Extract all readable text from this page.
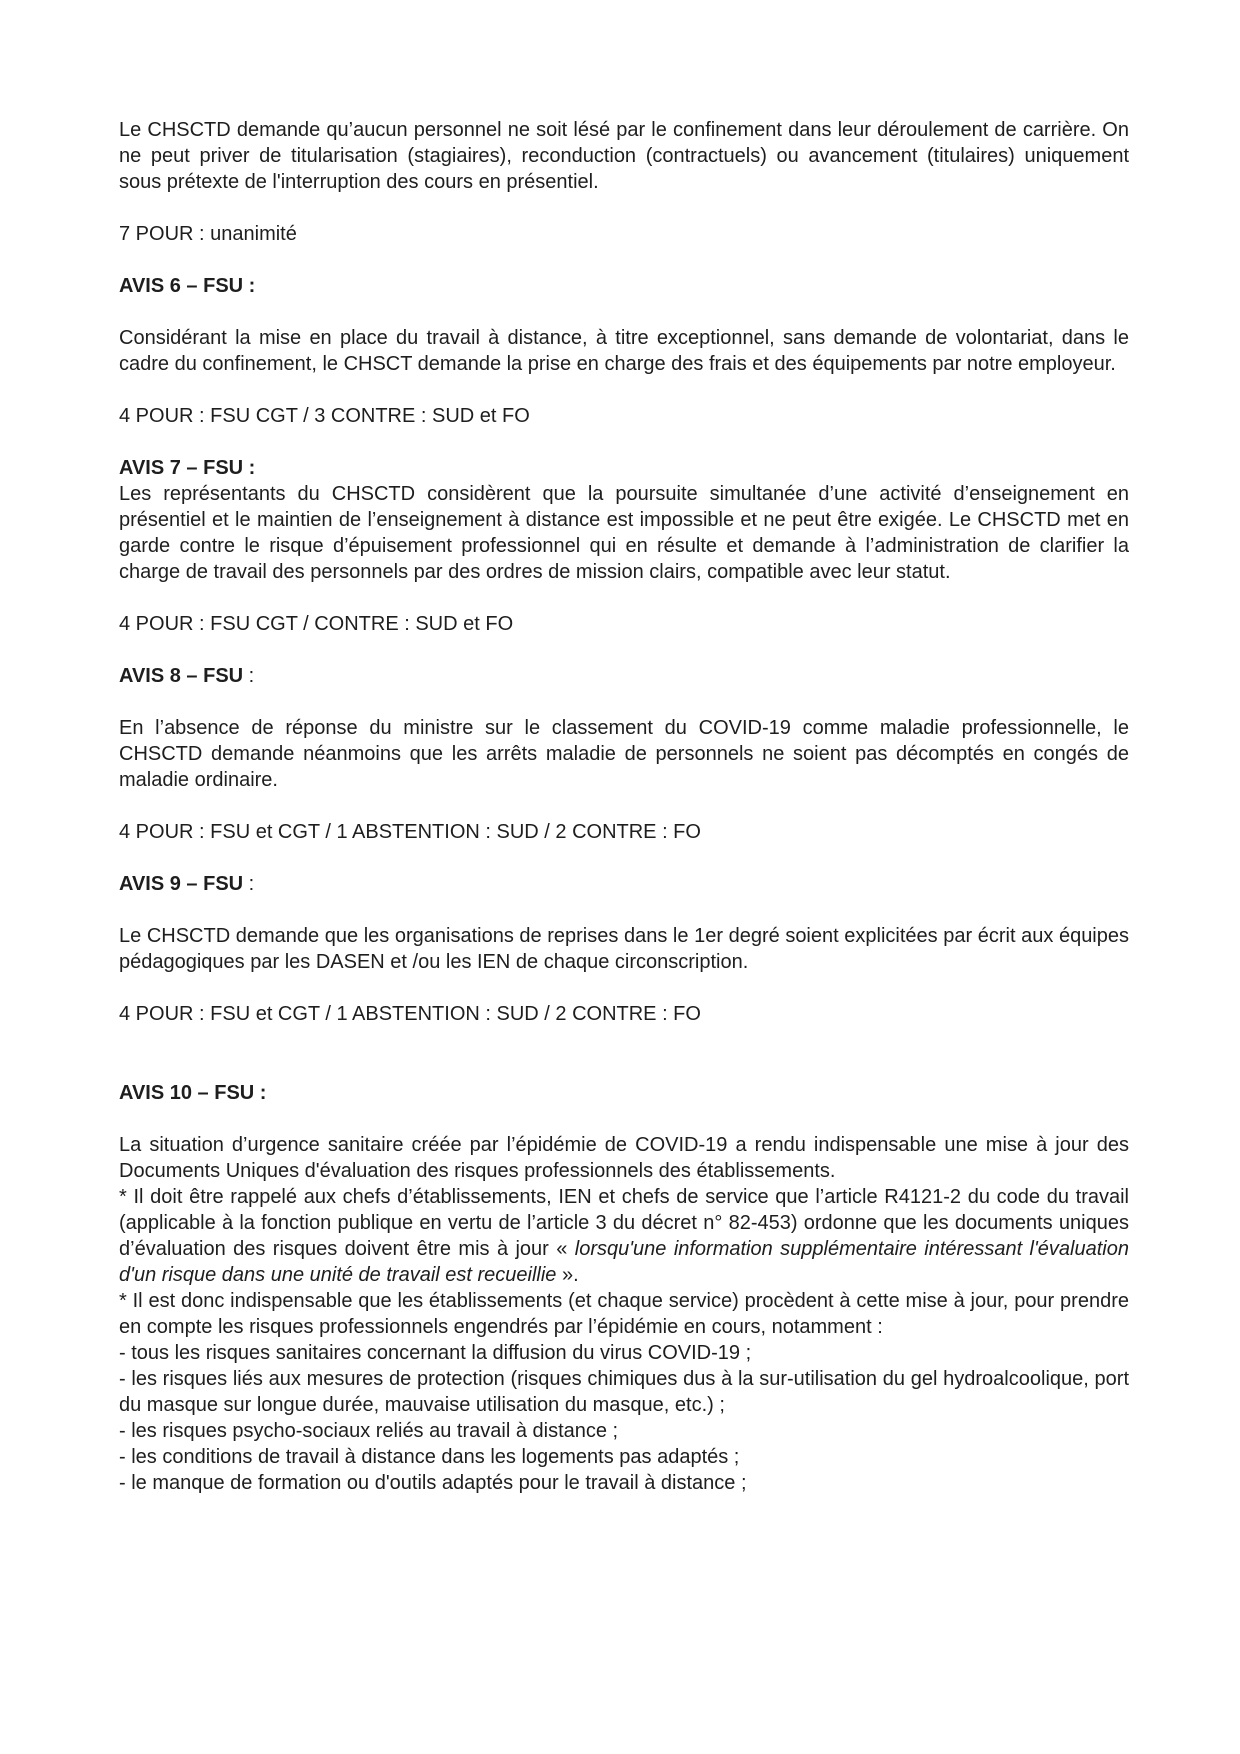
Le CHSCTD demande qu’aucun personnel ne soit lésé par le confinement dans leur déroulement de carrière. On ne peut priver de titularisation (stagiaires), reconduction (contractuels) ou avancement (titulaires) uniquement sous prétexte de l'interruption des cours en présentiel.

7 POUR : unanimité

AVIS 6 – FSU :

Considérant la mise en place du travail à distance, à titre exceptionnel, sans demande de volontariat, dans le cadre du confinement, le CHSCT demande la prise en charge des frais et des équipements par notre employeur.

4 POUR : FSU CGT / 3 CONTRE : SUD et FO

AVIS 7 – FSU :

Les représentants du CHSCTD considèrent que la poursuite simultanée d’une activité d’enseignement en présentiel et le maintien de l’enseignement à distance est impossible et ne peut être exigée. Le CHSCTD met en garde contre le risque d’épuisement professionnel qui en résulte et demande à l’administration de clarifier la charge de travail des personnels par des ordres de mission clairs, compatible avec leur statut.

4 POUR : FSU CGT / CONTRE : SUD et FO

AVIS 8 – FSU :

En l’absence de réponse du ministre sur le classement du COVID-19 comme maladie professionnelle, le CHSCTD demande néanmoins que les arrêts maladie de personnels ne soient pas décomptés en congés de maladie ordinaire.

4 POUR : FSU et CGT / 1 ABSTENTION : SUD / 2 CONTRE : FO

AVIS 9 – FSU :

Le CHSCTD demande que les organisations de reprises dans le 1er degré soient explicitées par écrit aux équipes pédagogiques par les DASEN et /ou les IEN de chaque circonscription.

4 POUR : FSU et CGT / 1 ABSTENTION : SUD / 2 CONTRE : FO

AVIS 10 – FSU :

La situation d’urgence sanitaire créée par l’épidémie de COVID-19 a rendu indispensable une mise à jour des Documents Uniques d'évaluation des risques professionnels des établissements.

* Il doit être rappelé aux chefs d’établissements, IEN et chefs de service que l’article R4121-2 du code du travail (applicable à la fonction publique en vertu de l’article 3 du décret n° 82-453) ordonne que les documents uniques d’évaluation des risques doivent être mis à jour « lorsqu'une information supplémentaire intéressant l'évaluation d'un risque dans une unité de travail est recueillie ».

* Il est donc indispensable que les établissements (et chaque service) procèdent à cette mise à jour, pour prendre en compte les risques professionnels engendrés par l’épidémie en cours, notamment :

- tous les risques sanitaires concernant la diffusion du virus COVID-19 ;

- les risques liés aux mesures de protection (risques chimiques dus à la sur-utilisation du gel hydroalcoolique, port du masque sur longue durée, mauvaise utilisation du masque, etc.) ;

- les risques psycho-sociaux reliés au travail à distance ;

- les conditions de travail à distance dans les logements pas adaptés ;

- le manque de formation ou d'outils adaptés pour le travail à distance ;
